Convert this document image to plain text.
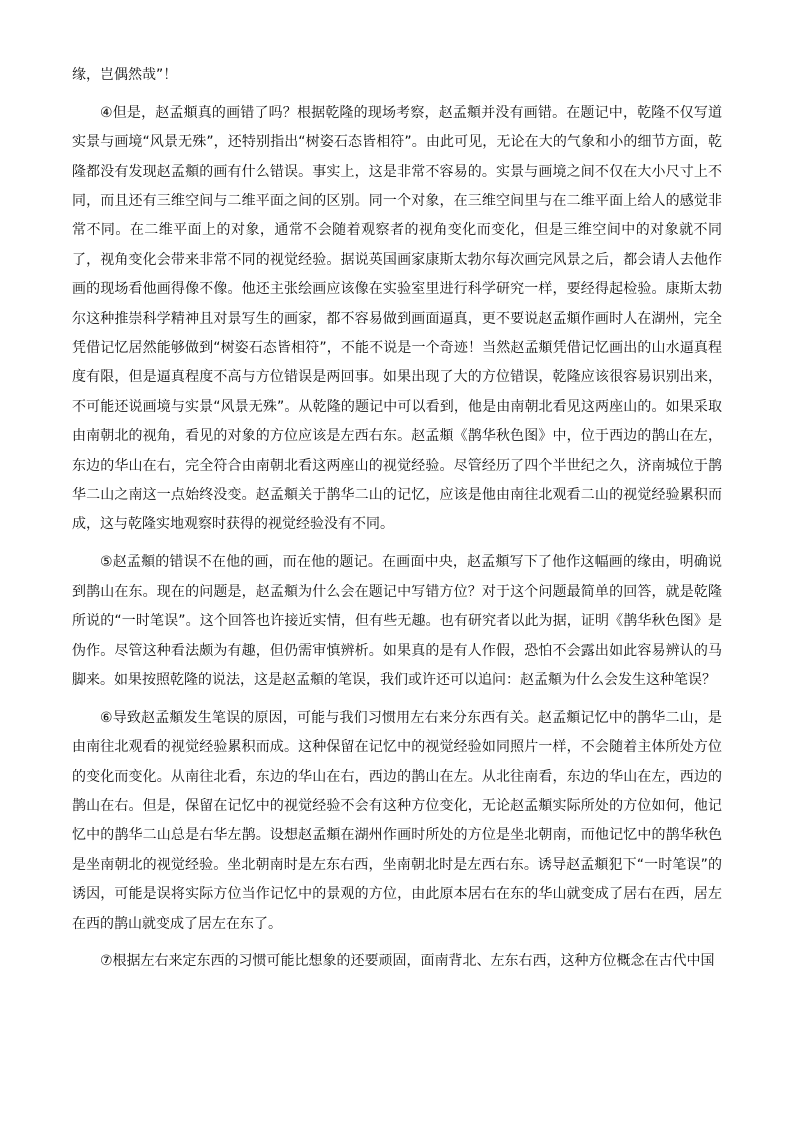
缘，岂偶然哉”！

④但是，赵孟頫真的画错了吗？根据乾隆的现场考察，赵孟頫并没有画错。在题记中，乾隆不仅写道实景与画境“风景无殊”，还特别指出“树姿石态皆相符”。由此可见，无论在大的气象和小的细节方面，乾隆都没有发现赵孟頫的画有什么错误。事实上，这是非常不容易的。实景与画境之间不仅在大小尺寸上不同，而且还有三维空间与二维平面之间的区别。同一个对象，在三维空间里与在二维平面上给人的感觉非常不同。在二维平面上的对象，通常不会随着观察者的视角变化而变化，但是三维空间中的对象就不同了，视角变化会带来非常不同的视觉经验。据说英国画家康斯太勃尔每次画完风景之后，都会请人去他作画的现场看他画得像不像。他还主张绘画应该像在实验室里进行科学研究一样，要经得起检验。康斯太勃尔这种推崇科学精神且对景写生的画家，都不容易做到画面逼真，更不要说赵孟頫作画时人在湖州，完全凭借记忆居然能够做到“树姿石态皆相符”，不能不说是一个奇迹！当然赵孟頫凭借记忆画出的山水逼真程度有限，但是逼真程度不高与方位错误是两回事。如果出现了大的方位错误，乾隆应该很容易识别出来，不可能还说画境与实景“风景无殊”。从乾隆的题记中可以看到，他是由南朝北看见这两座山的。如果采取由南朝北的视角，看见的对象的方位应该是左西右东。赵孟頫《鹊华秋色图》中，位于西边的鹊山在左，东边的华山在右，完全符合由南朝北看这两座山的视觉经验。尽管经历了四个半世纪之久，济南城位于鹊华二山之南这一点始终没变。赵孟頫关于鹊华二山的记忆，应该是他由南往北观看二山的视觉经验累积而成，这与乾隆实地观察时获得的视觉经验没有不同。

⑤赵孟頫的错误不在他的画，而在他的题记。在画面中央，赵孟頫写下了他作这幅画的缘由，明确说到鹊山在东。现在的问题是，赵孟頫为什么会在题记中写错方位？对于这个问题最简单的回答，就是乾隆所说的“一时笔误”。这个回答也许接近实情，但有些无趣。也有研究者以此为据，证明《鹊华秋色图》是伪作。尽管这种看法颇为有趣，但仍需审慎辨析。如果真的是有人作假，恐怕不会露出如此容易辨认的马脚来。如果按照乾隆的说法，这是赵孟頫的笔误，我们或许还可以追问：赵孟頫为什么会发生这种笔误？

⑥导致赵孟頫发生笔误的原因，可能与我们习惯用左右来分东西有关。赵孟頫记忆中的鹊华二山，是由南往北观看的视觉经验累积而成。这种保留在记忆中的视觉经验如同照片一样，不会随着主体所处方位的变化而变化。从南往北看，东边的华山在右，西边的鹊山在左。从北往南看，东边的华山在左，西边的鹊山在右。但是，保留在记忆中的视觉经验不会有这种方位变化，无论赵孟頫实际所处的方位如何，他记忆中的鹊华二山总是右华左鹊。设想赵孟頫在湖州作画时所处的方位是坐北朝南，而他记忆中的鹊华秋色是坐南朝北的视觉经验。坐北朝南时是左东右西，坐南朝北时是左西右东。诱导赵孟頫犯下“一时笔误”的诱因，可能是误将实际方位当作记忆中的景观的方位，由此原本居右在东的华山就变成了居右在西，居左在西的鹊山就变成了居左在东了。

⑦根据左右来定东西的习惯可能比想象的还要顽固，面南背北、左东右西，这种方位概念在古代中国
